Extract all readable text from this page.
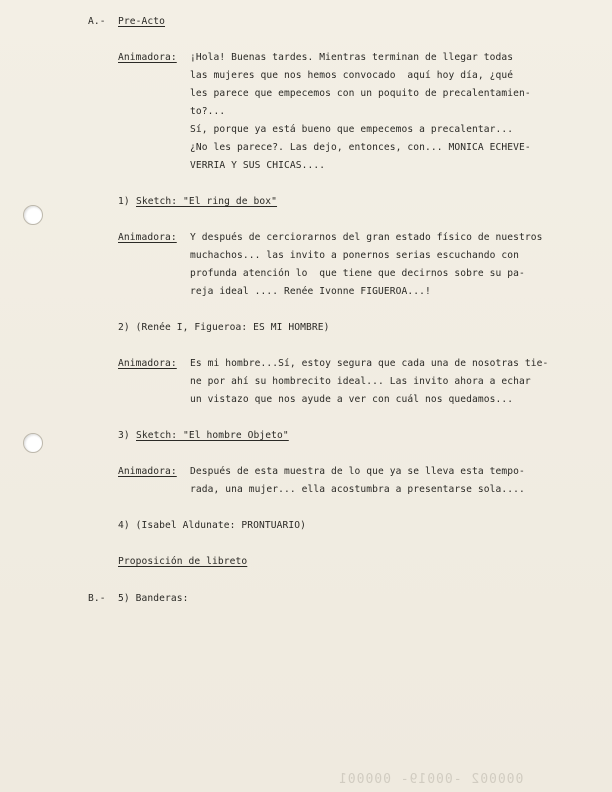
A.- Pre-Acto
Animadora: ¡Hola! Buenas tardes. Mientras terminan de llegar todas
las mujeres que nos hemos convocado  aquí hoy día, ¿qué
les parece que empecemos con un poquito de precalentamien-
to?...
Sí, porque ya está bueno que empecemos a precalentar...
¿No les parece?. Las dejo, entonces, con... MONICA ECHEVE-
VERRIA Y SUS CHICAS....
1) Sketch: "El ring de box"
Animadora: Y después de cerciorarnos del gran estado físico de nuestros
muchachos... las invito a ponernos serias escuchando con
profunda atención lo  que tiene que decirnos sobre su pa-
reja ideal .... Renée Ivonne FIGUEROA...!
2) (Renée I, Figueroa: ES MI HOMBRE)
Animadora: Es mi hombre...Sí, estoy segura que cada una de nosotras tie-
ne por ahí su hombrecito ideal... Las invito ahora a echar
un vistazo que nos ayude a ver con cuál nos quedamos...
3) Sketch: "El hombre Objeto"
Animadora: Después de esta muestra de lo que ya se lleva esta tempo-
rada, una mujer... ella acostumbra a presentarse sola....
4) (Isabel Aldunate: PRONTUARIO)
Proposición de libreto
B.- 5) Banderas:
000002 -00019- 000001
